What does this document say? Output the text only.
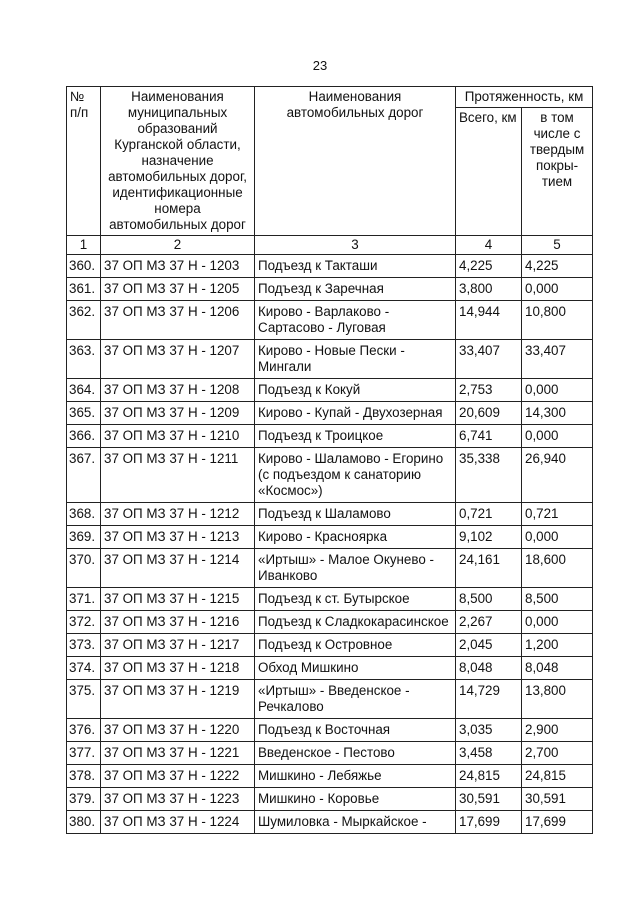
23
№ п/п	Наименования муниципальных образований Курганской области, назначение автомобильных дорог, идентификационные номера автомобильных дорог	Наименования автомобильных дорог	Протяженность, км	
			Всего, км	в том числе с твердым покры-тием
1	2	3	4	5
360.	37 ОП МЗ 37 Н - 1203	Подъезд к Такташи	4,225	4,225
361.	37 ОП МЗ 37 Н - 1205	Подъезд к Заречная	3,800	0,000
362.	37 ОП МЗ 37 Н - 1206	Кирово - Варлаково - Сартасово - Луговая	14,944	10,800
363.	37 ОП МЗ 37 Н - 1207	Кирово - Новые Пески - Мингали	33,407	33,407
364.	37 ОП МЗ 37 Н - 1208	Подъезд к Кокуй	2,753	0,000
365.	37 ОП МЗ 37 Н - 1209	Кирово - Купай - Двухозерная	20,609	14,300
366.	37 ОП МЗ 37 Н - 1210	Подъезд к Троицкое	6,741	0,000
367.	37 ОП МЗ 37 Н - 1211	Кирово - Шаламово - Егорино (с подъездом к санаторию «Космос»)	35,338	26,940
368.	37 ОП МЗ 37 Н - 1212	Подъезд к Шаламово	0,721	0,721
369.	37 ОП МЗ 37 Н - 1213	Кирово - Красноярка	9,102	0,000
370.	37 ОП МЗ 37 Н - 1214	«Иртыш» - Малое Окунево - Иванково	24,161	18,600
371.	37 ОП МЗ 37 Н - 1215	Подъезд к ст. Бутырское	8,500	8,500
372.	37 ОП МЗ 37 Н - 1216	Подъезд к Сладкокарасинское	2,267	0,000
373.	37 ОП МЗ 37 Н - 1217	Подъезд к Островное	2,045	1,200
374.	37 ОП МЗ 37 Н - 1218	Обход Мишкино	8,048	8,048
375.	37 ОП МЗ 37 Н - 1219	«Иртыш» - Введенское - Речкалово	14,729	13,800
376.	37 ОП МЗ 37 Н - 1220	Подъезд к Восточная	3,035	2,900
377.	37 ОП МЗ 37 Н - 1221	Введенское - Пестово	3,458	2,700
378.	37 ОП МЗ 37 Н - 1222	Мишкино - Лебяжье	24,815	24,815
379.	37 ОП МЗ 37 Н - 1223	Мишкино - Коровье	30,591	30,591
380.	37 ОП МЗ 37 Н - 1224	Шумиловка - Мыркайское -	17,699	17,699
